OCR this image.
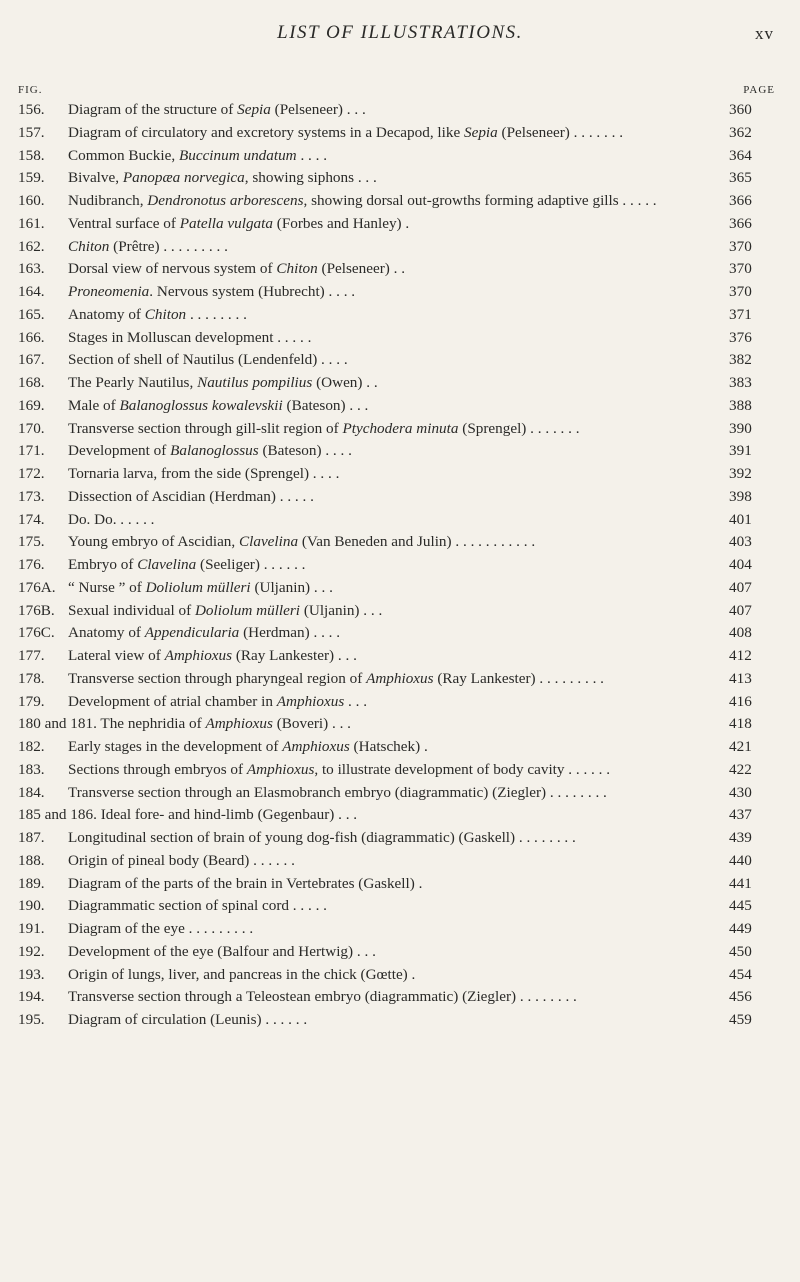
LIST OF ILLUSTRATIONS.	xv
FIG.	PAGE
156. Diagram of the structure of Sepia (Pelseneer) . . .	360
157. Diagram of circulatory and excretory systems in a Decapod, like Sepia (Pelseneer) . . . . . . .	362
158. Common Buckie, Buccinum undatum . . . .	364
159. Bivalve, Panopæa norvegica, showing siphons . . .	365
160. Nudibranch, Dendronotus arborescens, showing dorsal out-growths forming adaptive gills . . . . .	366
161. Ventral surface of Patella vulgata (Forbes and Hanley) .	366
162. Chiton (Prêtre) . . . . . . . . .	370
163. Dorsal view of nervous system of Chiton (Pelseneer) . .	370
164. Proneomenia. Nervous system (Hubrecht) . . . .	370
165. Anatomy of Chiton . . . . . . . .	371
166. Stages in Molluscan development . . . . .	376
167. Section of shell of Nautilus (Lendenfeld) . . . .	382
168. The Pearly Nautilus, Nautilus pompilius (Owen) . .	383
169. Male of Balanoglossus kowalevskii (Bateson) . . .	388
170. Transverse section through gill-slit region of Ptychodera minuta (Sprengel) . . . . . . .	390
171. Development of Balanoglossus (Bateson) . . . .	391
172. Tornaria larva, from the side (Sprengel) . . . .	392
173. Dissection of Ascidian (Herdman) . . . . .	398
174. Do. Do. . . . . .	401
175. Young embryo of Ascidian, Clavelina (Van Beneden and Julin) . . . . . . . . . . .	403
176. Embryo of Clavelina (Seeliger) . . . . . .	404
176A. “ Nurse ” of Doliolum mülleri (Uljanin) . . .	407
176B. Sexual individual of Doliolum mülleri (Uljanin) . . .	407
176C. Anatomy of Appendicularia (Herdman) . . . .	408
177. Lateral view of Amphioxus (Ray Lankester) . . .	412
178. Transverse section through pharyngeal region of Amphioxus (Ray Lankester) . . . . . . . . .	413
179. Development of atrial chamber in Amphioxus . . .	416
180 and 181. The nephridia of Amphioxus (Boveri) . . .	418
182. Early stages in the development of Amphioxus (Hatschek) .	421
183. Sections through embryos of Amphioxus, to illustrate development of body cavity . . . . . .	422
184. Transverse section through an Elasmobranch embryo (diagrammatic) (Ziegler) . . . . . . . .	430
185 and 186. Ideal fore- and hind-limb (Gegenbaur) . . .	437
187. Longitudinal section of brain of young dog-fish (diagrammatic) (Gaskell) . . . . . . . .	439
188. Origin of pineal body (Beard) . . . . . .	440
189. Diagram of the parts of the brain in Vertebrates (Gaskell) .	441
190. Diagrammatic section of spinal cord . . . . .	445
191. Diagram of the eye . . . . . . . . .	449
192. Development of the eye (Balfour and Hertwig) . . .	450
193. Origin of lungs, liver, and pancreas in the chick (Gœtte) .	454
194. Transverse section through a Teleostean embryo (diagrammatic) (Ziegler) . . . . . . . .	456
195. Diagram of circulation (Leunis) . . . . . .	459
